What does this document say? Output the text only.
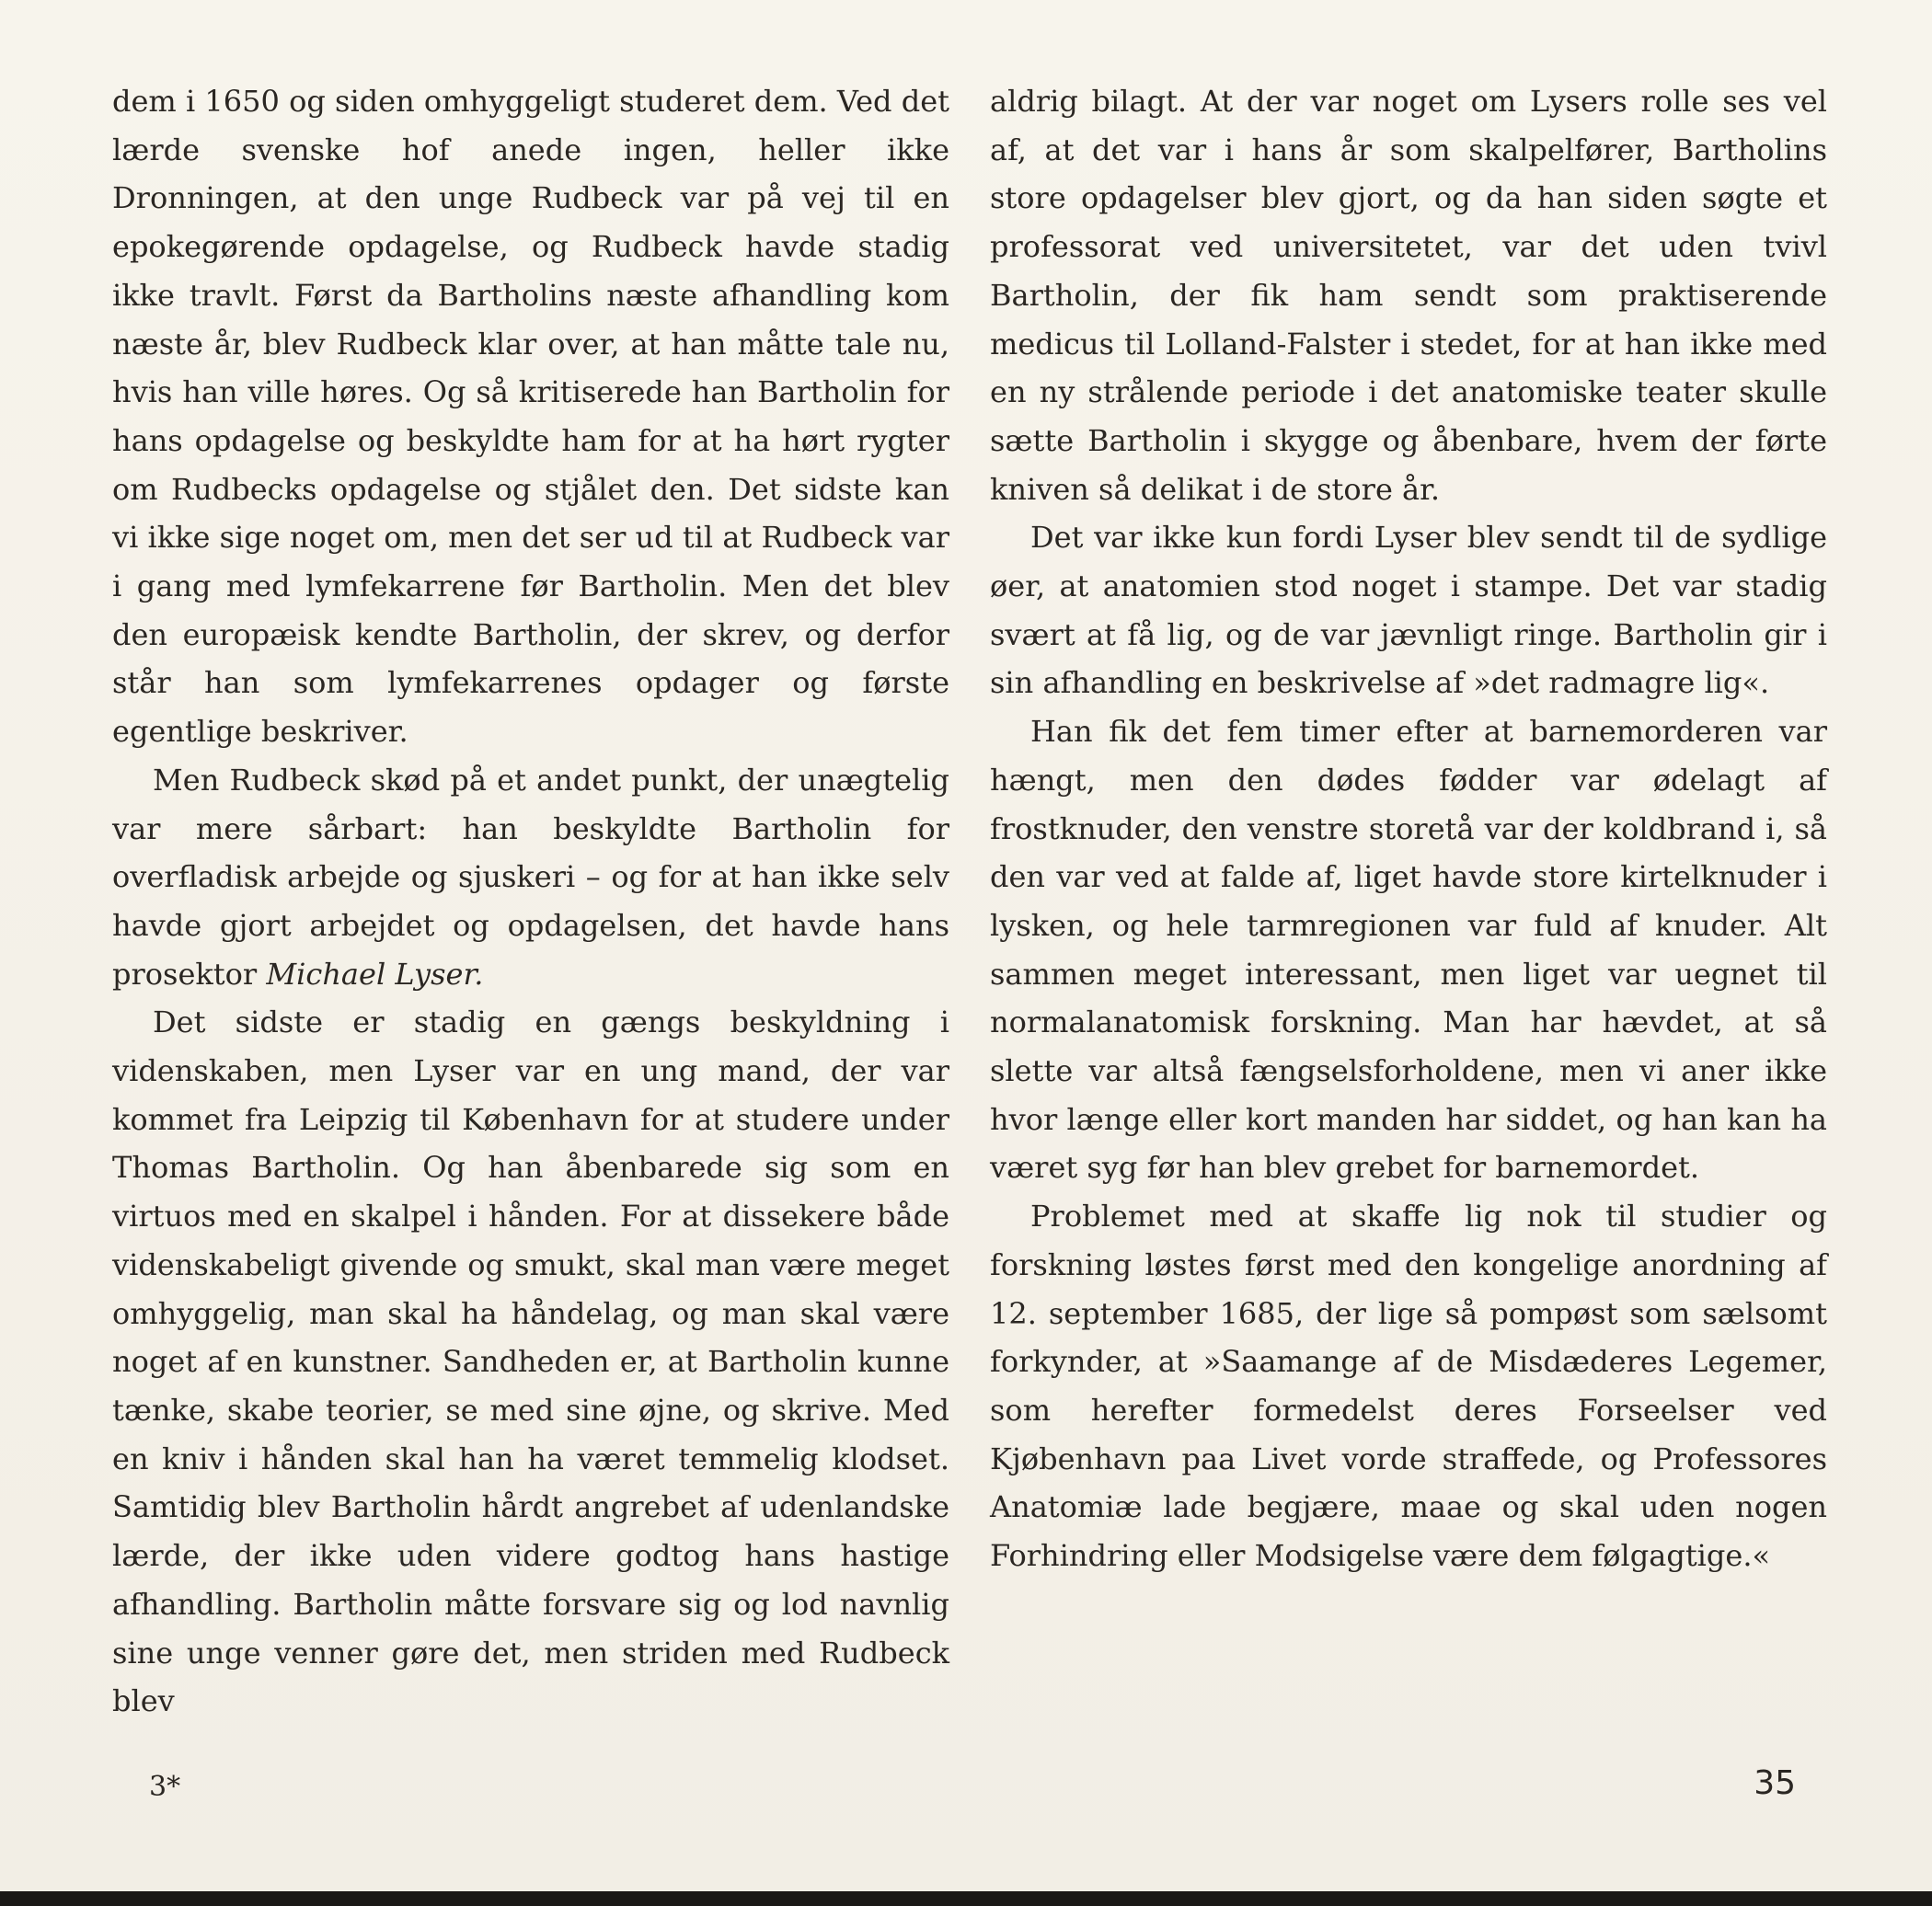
dem i 1650 og siden omhyggeligt studeret dem. Ved det lærde svenske hof anede ingen, heller ikke Dronningen, at den unge Rudbeck var på vej til en epokegørende opdagelse, og Rudbeck havde stadig ikke travlt. Først da Bartholins næste afhandling kom næste år, blev Rudbeck klar over, at han måtte tale nu, hvis han ville høres. Og så kritiserede han Bartholin for hans opdagelse og beskyldte ham for at ha hørt rygter om Rudbecks opdagelse og stjålet den. Det sidste kan vi ikke sige noget om, men det ser ud til at Rudbeck var i gang med lymfekarrene før Bartholin. Men det blev den europæisk kendte Bartholin, der skrev, og derfor står han som lymfekarrenes opdager og første egentlige beskriver.

Men Rudbeck skød på et andet punkt, der unægtelig var mere sårbart: han beskyldte Bartholin for overfladisk arbejde og sjuskeri – og for at han ikke selv havde gjort arbejdet og opdagelsen, det havde hans prosektor Michael Lyser.

Det sidste er stadig en gængs beskyldning i videnskaben, men Lyser var en ung mand, der var kommet fra Leipzig til København for at studere under Thomas Bartholin. Og han åbenbarede sig som en virtuos med en skalpel i hånden. For at dissekere både videnskabeligt givende og smukt, skal man være meget omhyggelig, man skal ha håndelag, og man skal være noget af en kunstner. Sandheden er, at Bartholin kunne tænke, skabe teorier, se med sine øjne, og skrive. Med en kniv i hånden skal han ha været temmelig klodset. Samtidig blev Bartholin hårdt angrebet af udenlandske lærde, der ikke uden videre godtog hans hastige afhandling. Bartholin måtte forsvare sig og lod navnlig sine unge venner gøre det, men striden med Rudbeck blev

aldrig bilagt. At der var noget om Lysers rolle ses vel af, at det var i hans år som skalpelfører, Bartholins store opdagelser blev gjort, og da han siden søgte et professorat ved universitetet, var det uden tvivl Bartholin, der fik ham sendt som praktiserende medicus til Lolland-Falster i stedet, for at han ikke med en ny strålende periode i det anatomiske teater skulle sætte Bartholin i skygge og åbenbare, hvem der førte kniven så delikat i de store år.

Det var ikke kun fordi Lyser blev sendt til de sydlige øer, at anatomien stod noget i stampe. Det var stadig svært at få lig, og de var jævnligt ringe. Bartholin gir i sin afhandling en beskrivelse af »det radmagre lig«.

Han fik det fem timer efter at barnemorderen var hængt, men den dødes fødder var ødelagt af frostknuder, den venstre storetå var der koldbrand i, så den var ved at falde af, liget havde store kirtelknuder i lysken, og hele tarmregionen var fuld af knuder. Alt sammen meget interessant, men liget var uegnet til normalanatomisk forskning. Man har hævdet, at så slette var altså fængselsforholdene, men vi aner ikke hvor længe eller kort manden har siddet, og han kan ha været syg før han blev grebet for barnemordet.

Problemet med at skaffe lig nok til studier og forskning løstes først med den kongelige anordning af 12. september 1685, der lige så pompøst som sælsomt forkynder, at »Saamange af de Misdæderes Legemer, som herefter formedelst deres Forseelser ved Kjøbenhavn paa Livet vorde straffede, og Professores Anatomiæ lade begjære, maae og skal uden nogen Forhindring eller Modsigelse være dem følgagtige.«

3*	35
